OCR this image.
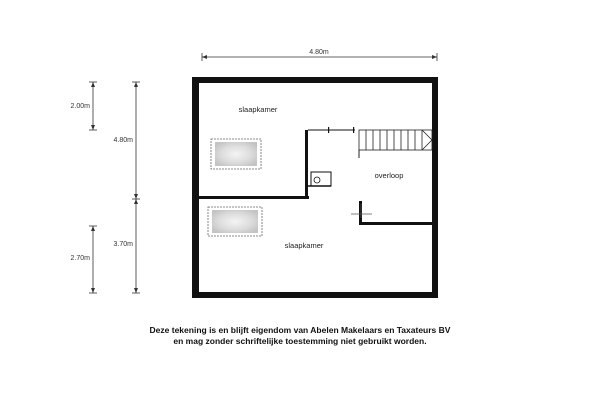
4.80m
2.00m
2.70m
4.80m
3.70m
slaapkamer
overloop
slaapkamer
Deze tekening is en blijft eigendom van Abelen Makelaars en Taxateurs BV
en mag zonder schriftelijke toestemming niet gebruikt worden.
